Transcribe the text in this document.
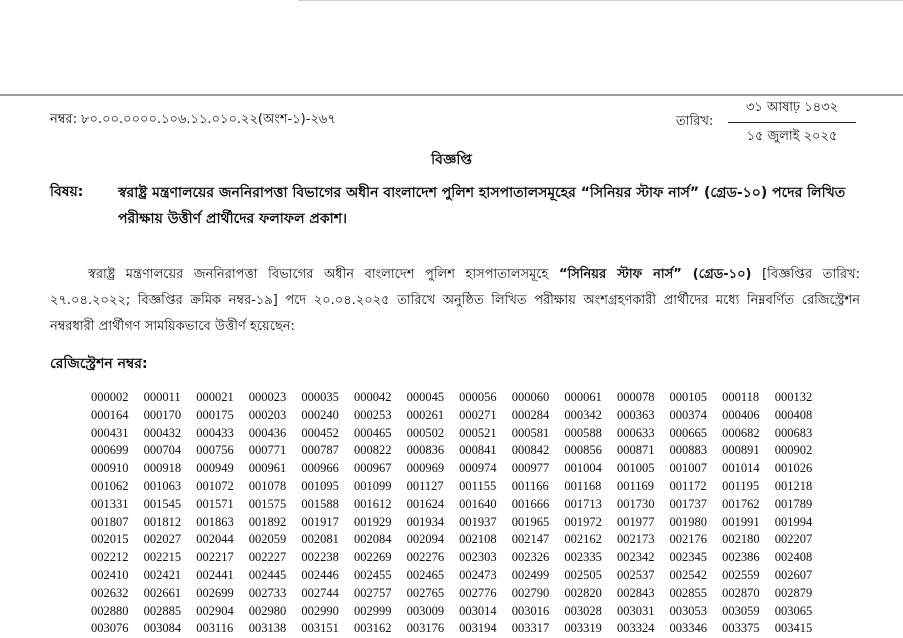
নম্বর: ৮০.০০.০০০০.১০৬.১১.০১০.২২(অংশ-১)-২৬৭	তারিখ:
৩১ আষাঢ় ১৪৩২
১৫ জুলাই ২০২৫
বিজ্ঞপ্তি
বিষয়: স্বরাষ্ট্র মন্ত্রণালয়ের জননিরাপত্তা বিভাগের অধীন বাংলাদেশ পুলিশ হাসপাতালসমূহের “সিনিয়র স্টাফ নার্স” (গ্রেড-১০) পদের লিখিত পরীক্ষায় উত্তীর্ণ প্রার্থীদের ফলাফল প্রকাশ।
স্বরাষ্ট্র মন্ত্রণালয়ের জননিরাপত্তা বিভাগের অধীন বাংলাদেশ পুলিশ হাসপাতালসমূহে “সিনিয়র স্টাফ নার্স” (গ্রেড-১০) [বিজ্ঞপ্তির তারিখ: ২৭.০৪.২০২২; বিজ্ঞপ্তির ক্রমিক নম্বর-১৯] পদে ২০.০৪.২০২৫ তারিখে অনুষ্ঠিত লিখিত পরীক্ষায় অংশগ্রহণকারী প্রার্থীদের মধ্যে নিম্নবর্ণিত রেজিস্ট্রেশন নম্বরধারী প্রার্থীগণ সাময়িকভাবে উত্তীর্ণ হয়েছেন:
রেজিস্ট্রেশন নম্বর:
000002	000011	000021	000023	000035	000042	000045	000056	000060	000061	000078	000105	000118	000132
000164	000170	000175	000203	000240	000253	000261	000271	000284	000342	000363	000374	000406	000408
000431	000432	000433	000436	000452	000465	000502	000521	000581	000588	000633	000665	000682	000683
000699	000704	000756	000771	000787	000822	000836	000841	000842	000856	000871	000883	000891	000902
000910	000918	000949	000961	000966	000967	000969	000974	000977	001004	001005	001007	001014	001026
001062	001063	001072	001078	001095	001099	001127	001155	001166	001168	001169	001172	001195	001218
001331	001545	001571	001575	001588	001612	001624	001640	001666	001713	001730	001737	001762	001789
001807	001812	001863	001892	001917	001929	001934	001937	001965	001972	001977	001980	001991	001994
002015	002027	002044	002059	002081	002084	002094	002108	002147	002162	002173	002176	002180	002207
002212	002215	002217	002227	002238	002269	002276	002303	002326	002335	002342	002345	002386	002408
002410	002421	002441	002445	002446	002455	002465	002473	002499	002505	002537	002542	002559	002607
002632	002661	002699	002733	002744	002757	002765	002776	002790	002820	002843	002855	002870	002879
002880	002885	002904	002980	002990	002999	003009	003014	003016	003028	003031	003053	003059	003065
003076	003084	003116	003138	003151	003162	003176	003194	003317	003319	003324	003346	003375	003415
